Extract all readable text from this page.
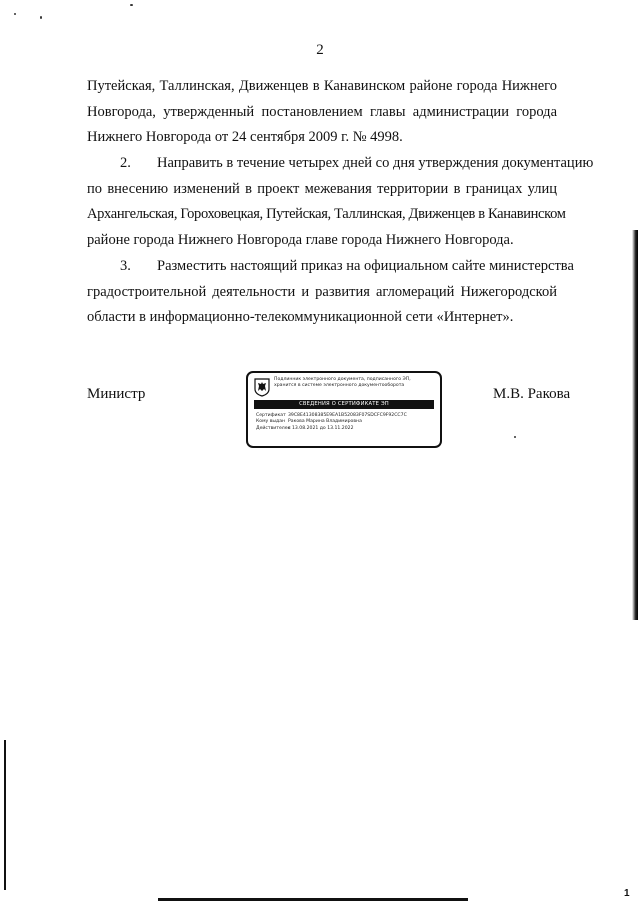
2
Путейская, Таллинская, Движенцев в Канавинском районе города Нижнего
Новгорода, утвержденный постановлением главы администрации города
Нижнего Новгорода от 24 сентября 2009 г. № 4998.
2. Направить в течение четырех дней со дня утверждения документацию
по внесению изменений в проект межевания территории в границах улиц
Архангельская, Гороховецкая, Путейская, Таллинская, Движенцев в Канавинском
районе города Нижнего Новгорода главе города Нижнего Новгорода.
3. Разместить настоящий приказ на официальном сайте министерства
градостроительной деятельности и развития агломераций Нижегородской
области в информационно-телекоммуникационной сети «Интернет».
Министр	М.В. Ракова
Подлинник электронного документа, подписанного ЭП,
хранится в системе электронного документооборота
СВЕДЕНИЯ О СЕРТИФИКАТЕ ЭП
Сертификат 39C8E41308385E9EA1B52083F07SDCFC9F92CC7C
Кому выдан Ракова Марина Владимировна
Действителенс 13.08.2021 до 13.11.2022
1
